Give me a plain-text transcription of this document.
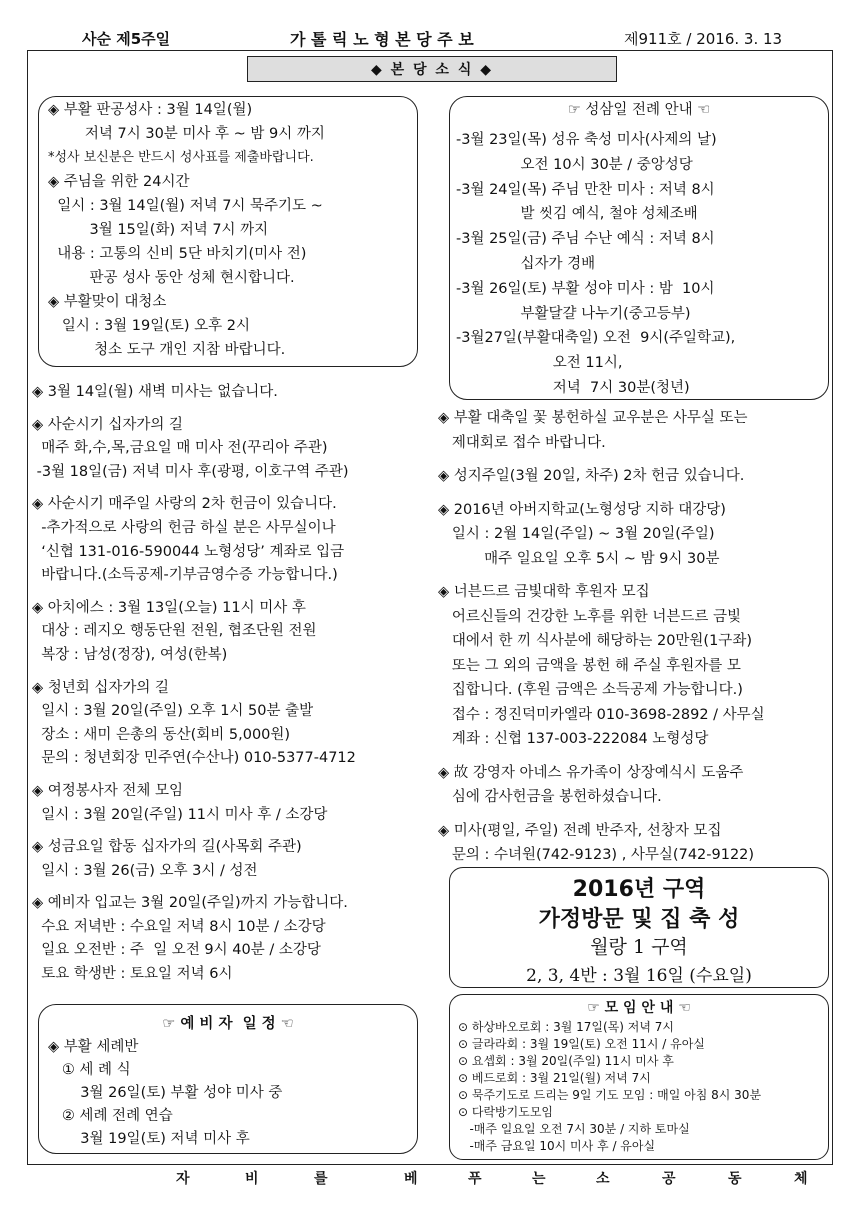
사순 제5주일	가 톨 릭 노 형 본 당 주 보	제911호 / 2016. 3. 13
◆ 본 당 소 식 ◆
◈ 부활 판공성사 : 3월 14일(월)
저녁 7시 30분 미사 후 ~ 밤 9시 까지
*성사 보신분은 반드시 성사표를 제출바랍니다.
◈ 주님을 위한 24시간
일시 : 3월 14일(월) 저녁 7시 묵주기도 ~
3월 15일(화) 저녁 7시 까지
내용 : 고통의 신비 5단 바치기(미사 전)
판공 성사 동안 성체 현시합니다.
◈ 부활맞이 대청소
일시 : 3월 19일(토) 오후 2시
청소 도구 개인 지참 바랍니다.
◈ 3월 14일(월) 새벽 미사는 없습니다.

◈ 사순시기 십자가의 길
매주 화,수,목,금요일 매 미사 전(꾸리아 주관)
-3월 18일(금) 저녁 미사 후(광평, 이호구역 주관)

◈ 사순시기 매주일 사랑의 2차 헌금이 있습니다.
-추가적으로 사랑의 헌금 하실 분은 사무실이나
‘신협 131-016-590044 노형성당’ 계좌로 입금
바랍니다.(소득공제-기부금영수증 가능합니다.)

◈ 아치에스 : 3월 13일(오늘) 11시 미사 후
대상 : 레지오 행동단원 전원, 협조단원 전원
복장 : 남성(정장), 여성(한복)

◈ 청년회 십자가의 길
일시 : 3월 20일(주일) 오후 1시 50분 출발
장소 : 새미 은총의 동산(회비 5,000원)
문의 : 청년회장 민주연(수산나) 010-5377-4712

◈ 여정봉사자 전체 모임
일시 : 3월 20일(주일) 11시 미사 후 / 소강당

◈ 성금요일 합동 십자가의 길(사목회 주관)
일시 : 3월 26(금) 오후 3시 / 성전

◈ 예비자 입교는 3월 20일(주일)까지 가능합니다.
수요 저녁반 : 수요일 저녁 8시 10분 / 소강당
일요 오전반 : 주  일 오전 9시 40분 / 소강당
토요 학생반 : 토요일 저녁 6시
☞ 예 비 자  일 정 ☜
◈ 부활 세례반
① 세 례 식
3월 26일(토) 부활 성야 미사 중
② 세례 전례 연습
3월 19일(토) 저녁 미사 후
☞ 성삼일 전례 안내 ☜
-3월 23일(목) 성유 축성 미사(사제의 날)
오전 10시 30분 / 중앙성당
-3월 24일(목) 주님 만찬 미사 : 저녁 8시
발 씻김 예식, 철야 성체조배
-3월 25일(금) 주님 수난 예식 : 저녁 8시
십자가 경배
-3월 26일(토) 부활 성야 미사 : 밤  10시
부활달걀 나누기(중고등부)
-3월27일(부활대축일) 오전  9시(주일학교),
오전 11시,
저녁  7시 30분(청년)
◈ 부활 대축일 꽃 봉헌하실 교우분은 사무실 또는
제대회로 접수 바랍니다.

◈ 성지주일(3월 20일, 차주) 2차 헌금 있습니다.

◈ 2016년 아버지학교(노형성당 지하 대강당)
일시 : 2월 14일(주일) ~ 3월 20일(주일)
매주 일요일 오후 5시 ~ 밤 9시 30분

◈ 너븐드르 금빛대학 후원자 모집
어르신들의 건강한 노후를 위한 너븐드르 금빛
대에서 한 끼 식사분에 해당하는 20만원(1구좌)
또는 그 외의 금액을 봉헌 해 주실 후원자를 모
집합니다. (후원 금액은 소득공제 가능합니다.)
접수 : 정진덕미카엘라 010-3698-2892 / 사무실
계좌 : 신협 137-003-222084 노형성당

◈ 故 강영자 아네스 유가족이 상장예식시 도움주
심에 감사헌금을 봉헌하셨습니다.

◈ 미사(평일, 주일) 전례 반주자, 선창자 모집
문의 : 수녀원(742-9123) , 사무실(742-9122)
2016년 구역
가정방문 및 집 축 성
월랑 1 구역
2, 3, 4반 : 3월 16일 (수요일)
☞ 모 임 안 내 ☜
⊙ 하상바오로회 : 3월 17일(목) 저녁 7시
⊙ 글라라회 : 3월 19일(토) 오전 11시 / 유아실
⊙ 요셉회 : 3월 20일(주일) 11시 미사 후
⊙ 베드로회 : 3월 21일(월) 저녁 7시
⊙ 묵주기도로 드리는 9일 기도 모임 : 매일 아침 8시 30분
⊙ 다락방기도모임
-매주 일요일 오전 7시 30분 / 지하 토마실
-매주 금요일 10시 미사 후 / 유아실
자	비	를	베	푸	는	소	공	동	체
